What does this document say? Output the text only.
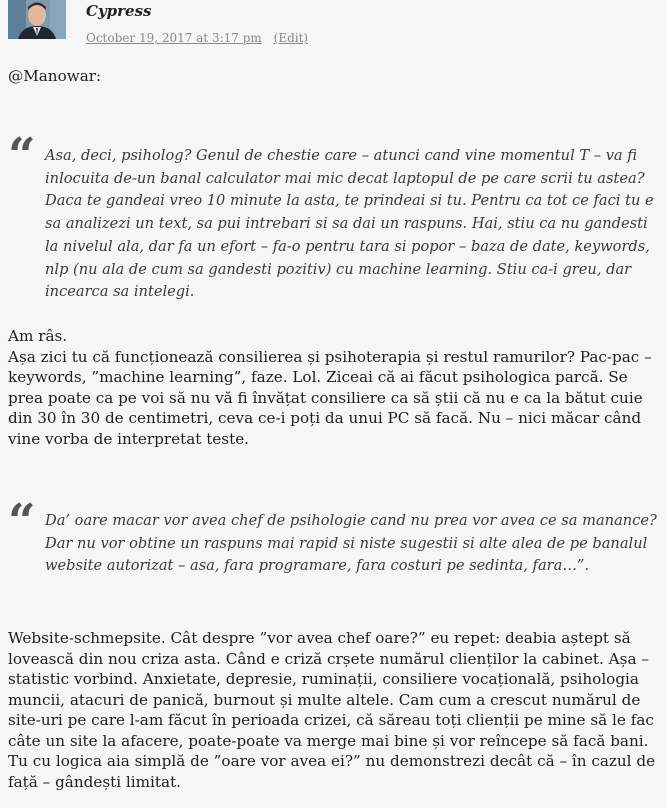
Cypress
October 19, 2017 at 3:17 pm (Edit)
@Manowar:
“ Asa, deci, psiholog? Genul de chestie care – atunci cand vine momentul T – va fi inlocuita de-un banal calculator mai mic decat laptopul de pe care scrii tu astea? Daca te gandeai vreo 10 minute la asta, te prindeai si tu. Pentru ca tot ce faci tu e sa analizezi un text, sa pui intrebari si sa dai un raspuns. Hai, stiu ca nu gandesti la nivelul ala, dar fa un efort – fa-o pentru tara si popor – baza de date, keywords, nlp (nu ala de cum sa gandesti pozitiv) cu machine learning. Stiu ca-i greu, dar incearca sa intelegi.

Am râs.

Așa zici tu că funcționează consilierea și psihoterapia și restul ramurilor? Pac-pac – keywords, ”machine learning”, faze. Lol. Ziceai că ai făcut psihologica parcă. Se prea poate ca pe voi să nu vă fi învățat consiliere ca să știi că nu e ca la bătut cuie din 30 în 30 de centimetri, ceva ce-i poți da unui PC să facă. Nu – nici măcar când vine vorba de interpretat teste.

“ Da’ oare macar vor avea chef de psihologie cand nu prea vor avea ce sa manance? Dar nu vor obtine un raspuns mai rapid si niste sugestii si alte alea de pe banalul website autorizat – asa, fara programare, fara costuri pe sedinta, fara…”.

Website-schmepsite. Cât despre ”vor avea chef oare?” eu repet: deabia aștept să lovească din nou criza asta. Când e criză crșete numărul clienților la cabinet. Așa – statistic vorbind. Anxietate, depresie, ruminații, consiliere vocațională, psihologia muncii, atacuri de panică, burnout și multe altele. Cam cum a crescut numărul de site-uri pe care l-am făcut în perioada crizei, că săreau toți clienții pe mine să le fac câte un site la afacere, poate-poate va merge mai bine și vor reîncepe să facă bani. Tu cu logica aia simplă de ”oare vor avea ei?” nu demonstrezi decât că – în cazul de față – gândești limitat.
